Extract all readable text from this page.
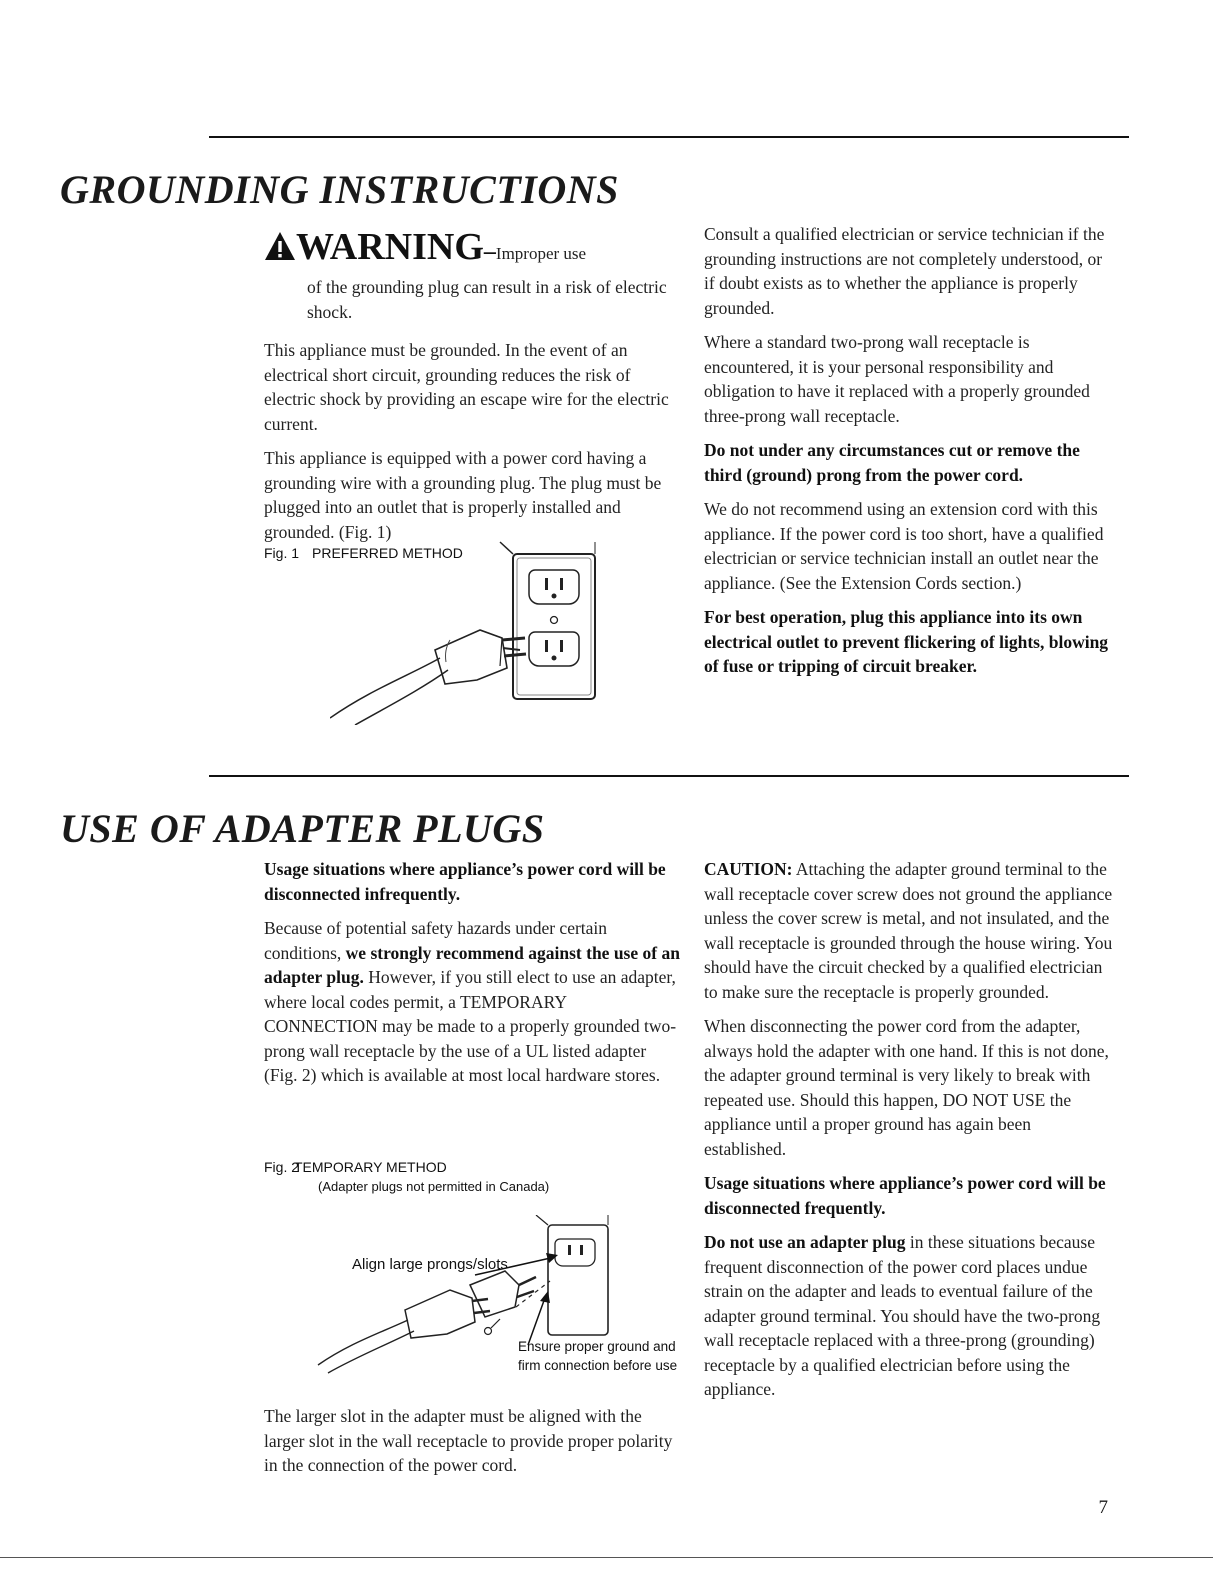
GROUNDING INSTRUCTIONS
WARNING–Improper use
of the grounding plug can result in a risk of electric shock.

This appliance must be grounded. In the event of an electrical short circuit, grounding reduces the risk of electric shock by providing an escape wire for the electric current.

This appliance is equipped with a power cord having a grounding wire with a grounding plug. The plug must be plugged into an outlet that is properly installed and grounded. (Fig. 1)

Fig. 1 PREFERRED METHOD

Consult a qualified electrician or service technician if the grounding instructions are not completely understood, or if doubt exists as to whether the appliance is properly grounded.

Where a standard two-prong wall receptacle is encountered, it is your personal responsibility and obligation to have it replaced with a properly grounded three-prong wall receptacle.

Do not under any circumstances cut or remove the third (ground) prong from the power cord.

We do not recommend using an extension cord with this appliance. If the power cord is too short, have a qualified electrician or service technician install an outlet near the appliance. (See the Extension Cords section.)

For best operation, plug this appliance into its own electrical outlet to prevent flickering of lights, blowing of fuse or tripping of circuit breaker.

USE OF ADAPTER PLUGS

Usage situations where appliance’s power cord will be disconnected infrequently.

Because of potential safety hazards under certain conditions, we strongly recommend against the use of an adapter plug. However, if you still elect to use an adapter, where local codes permit, a TEMPORARY CONNECTION may be made to a properly grounded two-prong wall receptacle by the use of a UL listed adapter (Fig. 2) which is available at most local hardware stores.

Fig. 2
TEMPORARY METHOD
(Adapter plugs not permitted in Canada)
Align large prongs/slots
Ensure proper ground and
firm connection before use
The larger slot in the adapter must be aligned with the larger slot in the wall receptacle to provide proper polarity in the connection of the power cord.

CAUTION: Attaching the adapter ground terminal to the wall receptacle cover screw does not ground the appliance unless the cover screw is metal, and not insulated, and the wall receptacle is grounded through the house wiring. You should have the circuit checked by a qualified electrician to make sure the receptacle is properly grounded.

When disconnecting the power cord from the adapter, always hold the adapter with one hand. If this is not done, the adapter ground terminal is very likely to break with repeated use. Should this happen, DO NOT USE the appliance until a proper ground has again been established.

Usage situations where appliance’s power cord will be disconnected frequently.

Do not use an adapter plug in these situations because frequent disconnection of the power cord places undue strain on the adapter and leads to eventual failure of the adapter ground terminal. You should have the two-prong wall receptacle replaced with a three-prong (grounding) receptacle by a qualified electrician before using the appliance.

7
